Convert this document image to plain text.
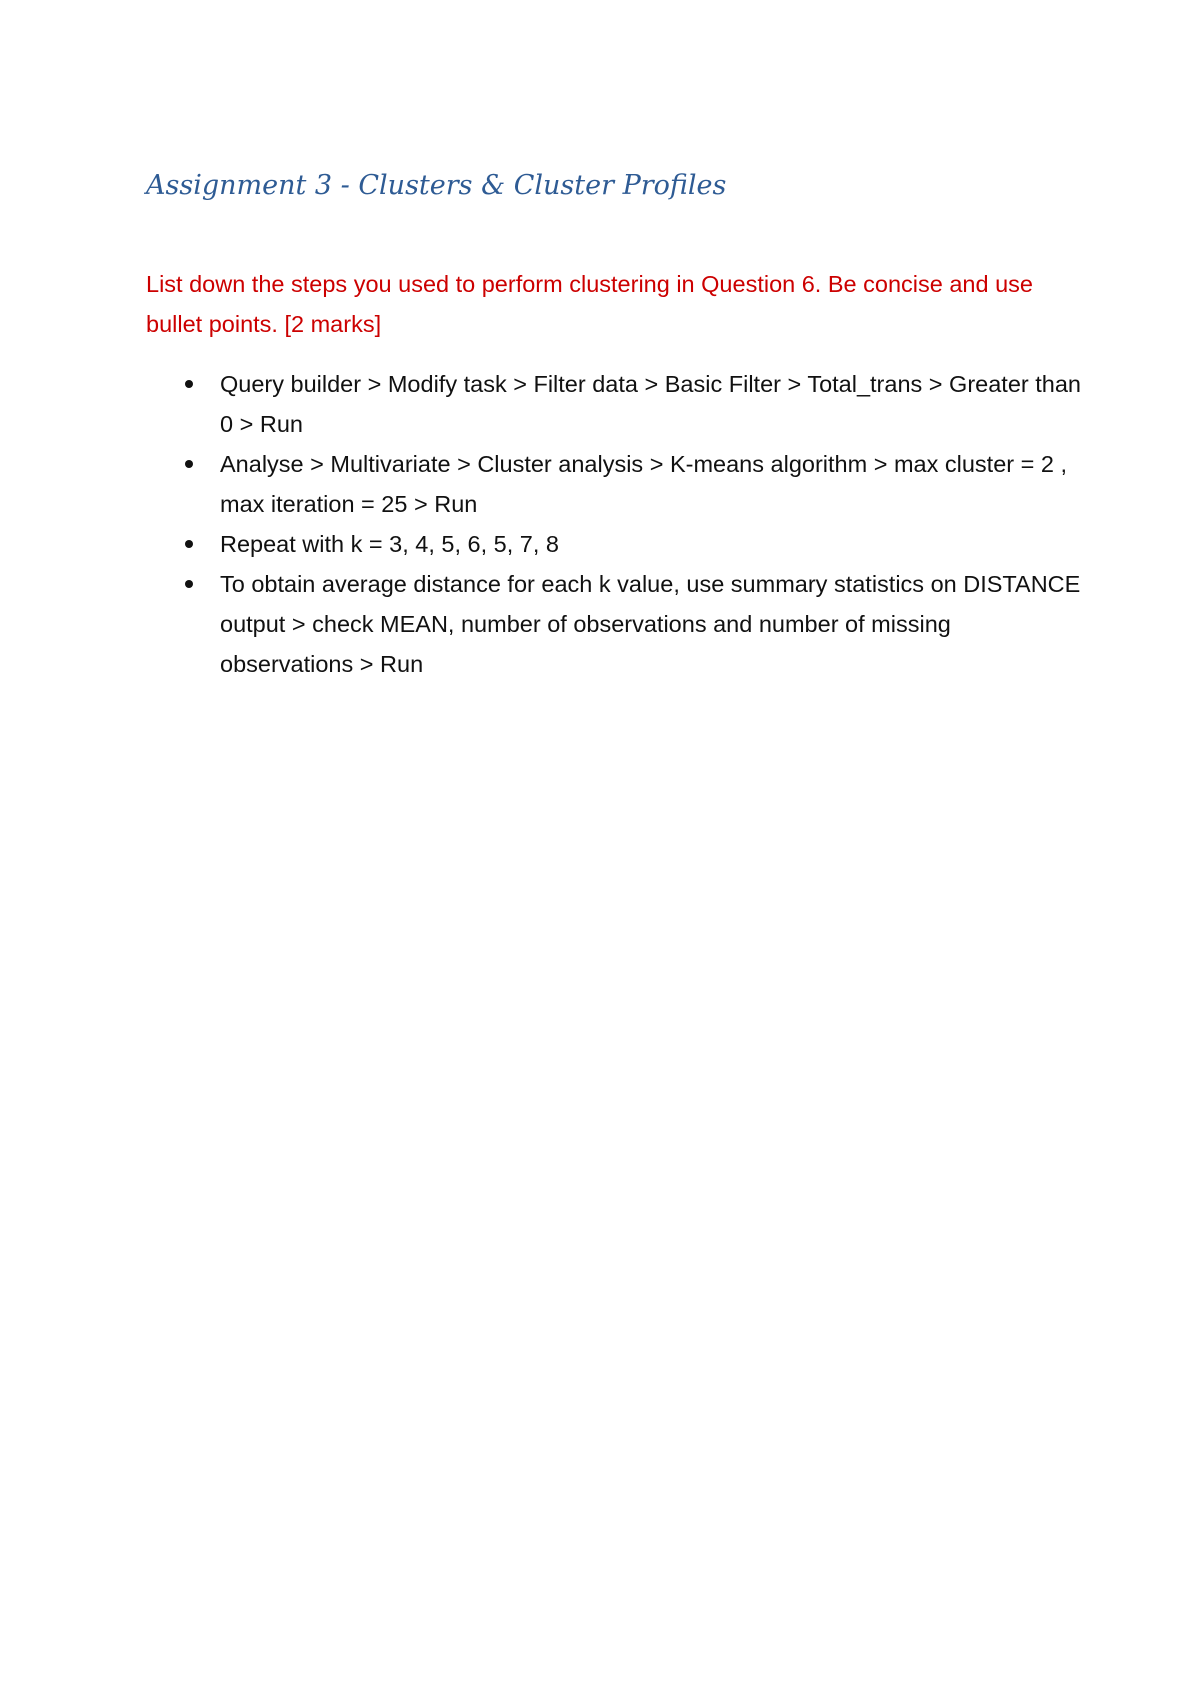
Assignment 3 - Clusters & Cluster Profiles

List down the steps you used to perform clustering in Question 6. Be concise and use bullet points. [2 marks]

Query builder > Modify task > Filter data > Basic Filter > Total_trans > Greater than 0 > Run
Analyse > Multivariate > Cluster analysis > K-means algorithm > max cluster = 2 , max iteration = 25 > Run
Repeat with k = 3, 4, 5, 6, 5, 7, 8
To obtain average distance for each k value, use summary statistics on DISTANCE output > check MEAN, number of observations and number of missing observations > Run
